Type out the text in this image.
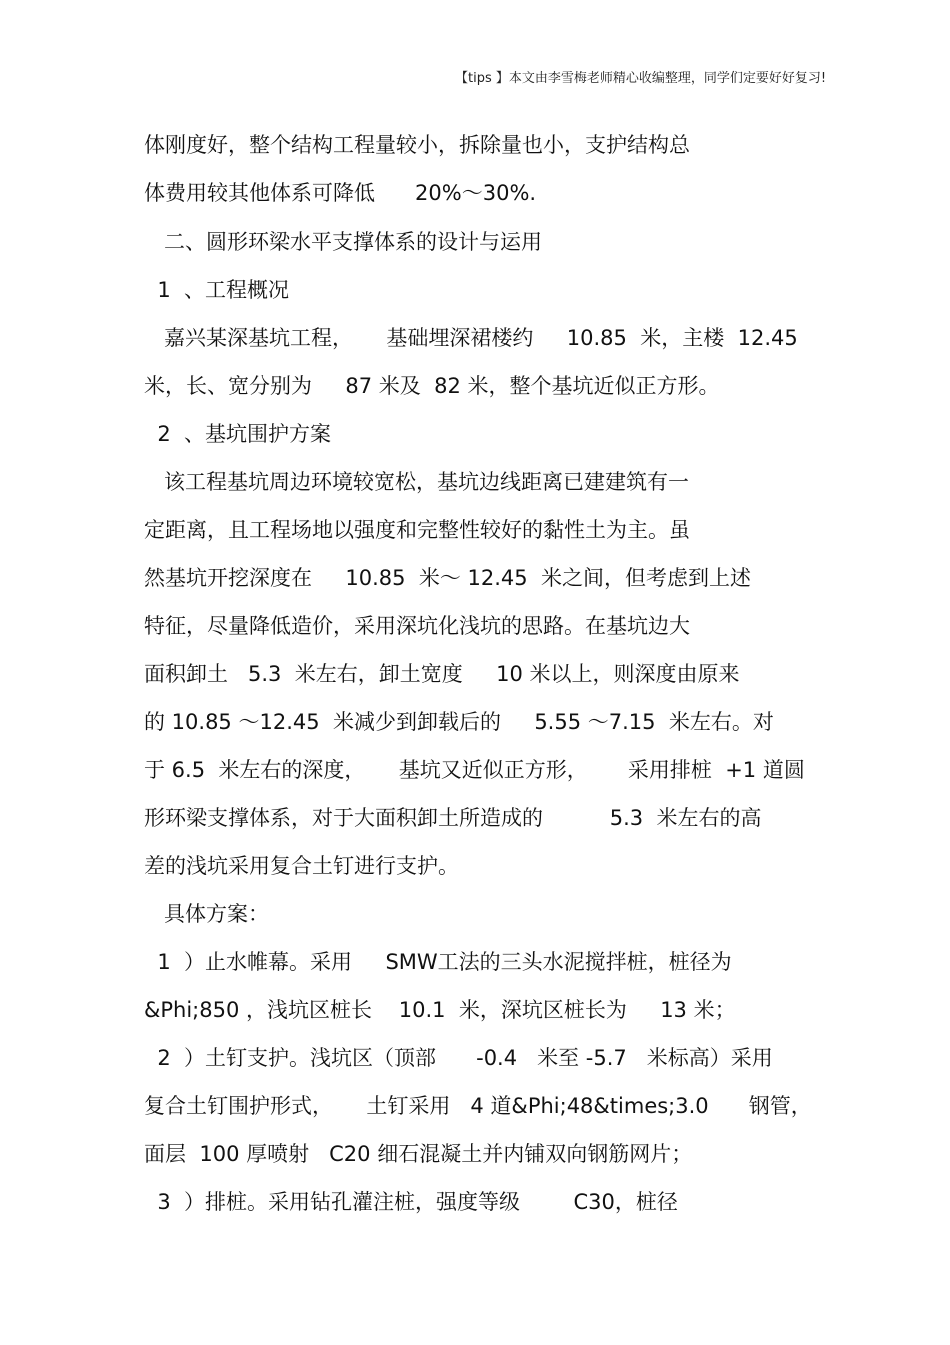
【tips 】本文由李雪梅老师精心收编整理，同学们定要好好复习!
体刚度好，整个结构工程量较小，拆除量也小，支护结构总
体费用较其他体系可降低      20%～30%.
二、圆形环梁水平支撑体系的设计与运用
1  、工程概况
嘉兴某深基坑工程，     基础埋深裙楼约     10.85  米，主楼  12.45
米，长、宽分别为     87 米及  82 米，整个基坑近似正方形。
2  、基坑围护方案
该工程基坑周边环境较宽松，基坑边线距离已建建筑有一
定距离，且工程场地以强度和完整性较好的黏性土为主。虽
然基坑开挖深度在     10.85  米～ 12.45  米之间，但考虑到上述
特征，尽量降低造价，采用深坑化浅坑的思路。在基坑边大
面积卸土   5.3  米左右，卸土宽度     10 米以上，则深度由原来
的 10.85 ～12.45  米减少到卸载后的     5.55 ～7.15  米左右。对
于 6.5  米左右的深度，     基坑又近似正方形，      采用排桩  +1 道圆
形环梁支撑体系，对于大面积卸土所造成的          5.3  米左右的高
差的浅坑采用复合土钉进行支护。
具体方案：
1  ）止水帷幕。采用     SMW工法的三头水泥搅拌桩，桩径为
&Phi;850 ，浅坑区桩长    10.1  米，深坑区桩长为     13 米；
2  ）土钉支护。浅坑区（顶部      -0.4   米至 -5.7   米标高）采用
复合土钉围护形式，     土钉采用   4 道&Phi;48&times;3.0      钢管，
面层  100 厚喷射   C20 细石混凝土并内铺双向钢筋网片；
3  ）排桩。采用钻孔灌注桩，强度等级        C30，桩径
